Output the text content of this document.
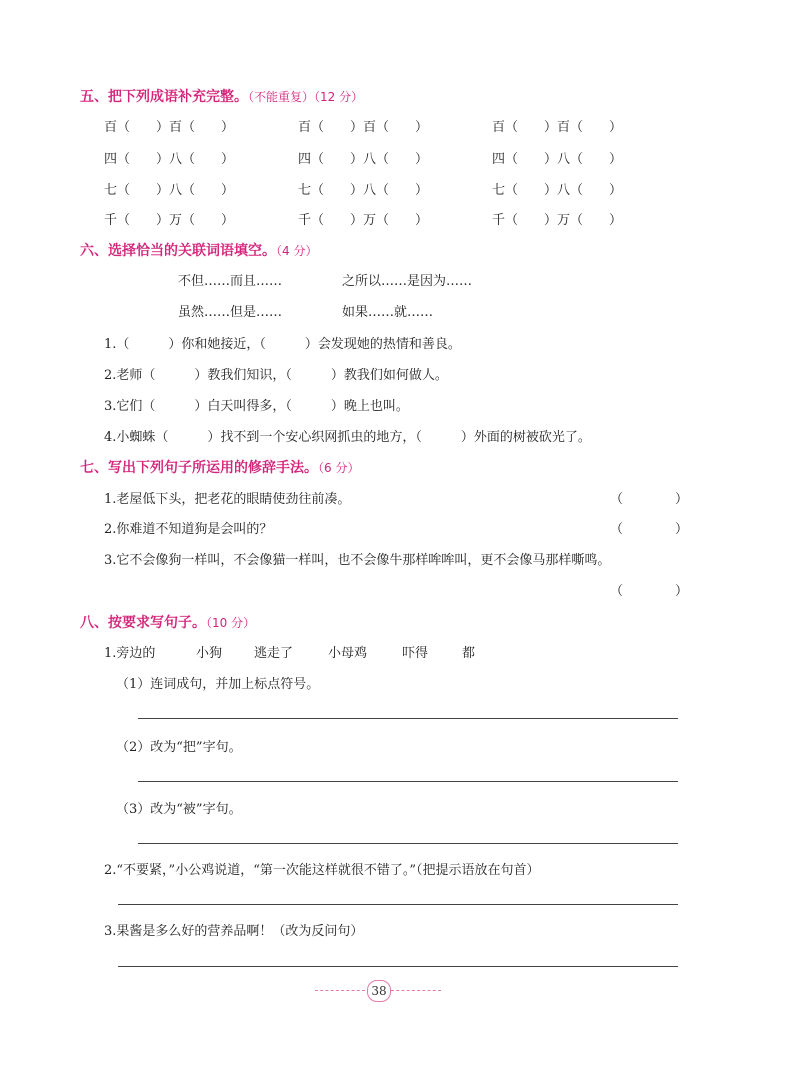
五、把下列成语补充完整。（不能重复）（12 分）
百（　　）百（　　）	百（　　）百（　　）	百（　　）百（　　）
四（　　）八（　　）	四（　　）八（　　）	四（　　）八（　　）
七（　　）八（　　）	七（　　）八（　　）	七（　　）八（　　）
千（　　）万（　　）	千（　　）万（　　）	千（　　）万（　　）
六、选择恰当的关联词语填空。（4 分）
不但……而且……	之所以……是因为……
虽然……但是……	如果……就……
1.（　　　）你和她接近，（　　　）会发现她的热情和善良。
2.老师（　　　）教我们知识，（　　　）教我们如何做人。
3.它们（　　　）白天叫得多，（　　　）晚上也叫。
4.小蜘蛛（　　　）找不到一个安心织网抓虫的地方，（　　　）外面的树被砍光了。
七、写出下列句子所运用的修辞手法。（6 分）
1.老屋低下头，把老花的眼睛使劲往前凑。	（　　　　）
2.你难道不知道狗是会叫的？	（　　　　）
3.它不会像狗一样叫，不会像猫一样叫，也不会像牛那样哞哞叫，更不会像马那样嘶鸣。
（　　　　）
八、按要求写句子。（10 分）
1.旁边的	小狗 逃走了	小母鸡	吓得	都
（1）连词成句，并加上标点符号。
（2）改为“把”字句。
（3）改为“被”字句。
2.“不要紧，”小公鸡说道，“第一次能这样就很不错了。”（把提示语放在句首）
3.果酱是多么好的营养品啊！（改为反问句）
38
